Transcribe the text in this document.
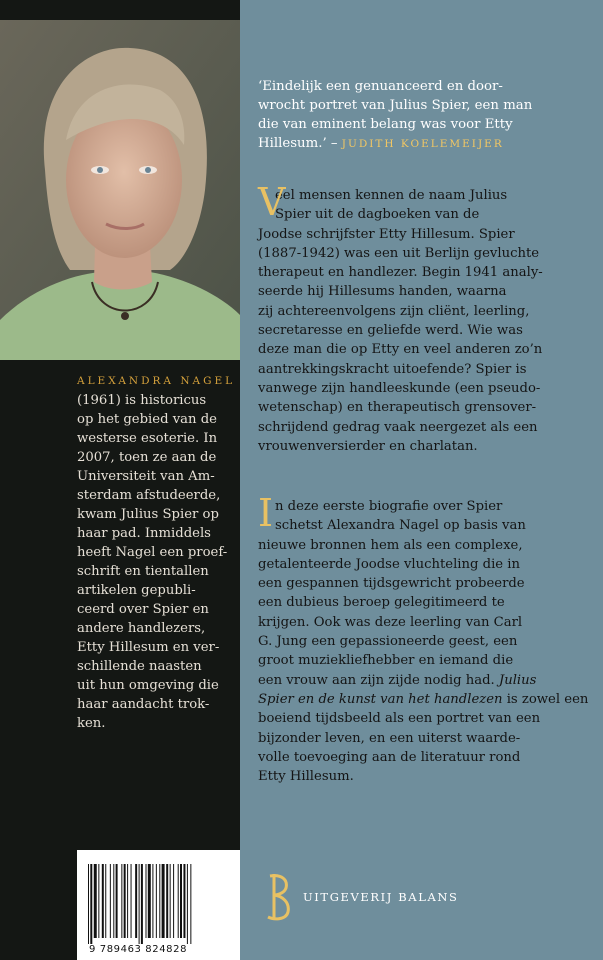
ALEXANDRA NAGEL
(1961) is historicus
op het gebied van de
westerse esoterie. In
2007, toen ze aan de
Universiteit van Am-
sterdam afstudeerde,
kwam Julius Spier op
haar pad. Inmiddels
heeft Nagel een proef-
schrift en tientallen
artikelen gepubli-
ceerd over Spier en
andere handlezers,
Etty Hillesum en ver-
schillende naasten
uit hun omgeving die
haar aandacht trok-
ken.
9 789463 824828
‘Eindelijk een genuanceerd en door-
wrocht portret van Julius Spier, een man
die van eminent belang was voor Etty
Hillesum.’ – JUDITH KOELEMEIJER
V
eel mensen kennen de naam Julius
Spier uit de dagboeken van de
Joodse schrijfster Etty Hillesum. Spier
(1887-1942) was een uit Berlijn gevluchte
therapeut en handlezer. Begin 1941 analy-
seerde hij Hillesums handen, waarna
zij achtereenvolgens zijn cliënt, leerling,
secretaresse en geliefde werd. Wie was
deze man die op Etty en veel anderen zo’n
aantrekkingskracht uitoefende? Spier is
vanwege zijn handleeskunde (een pseudo-
wetenschap) en therapeutisch grensover-
schrijdend gedrag vaak neergezet als een
vrouwenversierder en charlatan.
I n deze eerste biografie over Spier
schetst Alexandra Nagel op basis van
nieuwe bronnen hem als een complexe,
getalenteerde Joodse vluchteling die in
een gespannen tijdsgewricht probeerde
een dubieus beroep gelegitimeerd te
krijgen. Ook was deze leerling van Carl
G. Jung een gepassioneerde geest, een
groot muziekliefhebber en iemand die
een vrouw aan zijn zijde nodig had. Julius
Spier en de kunst van het handlezen is zowel een
boeiend tijdsbeeld als een portret van een
bijzonder leven, en een uiterst waarde-
volle toevoeging aan de literatuur rond
Etty Hillesum.
UITGEVERIJ BALANS
